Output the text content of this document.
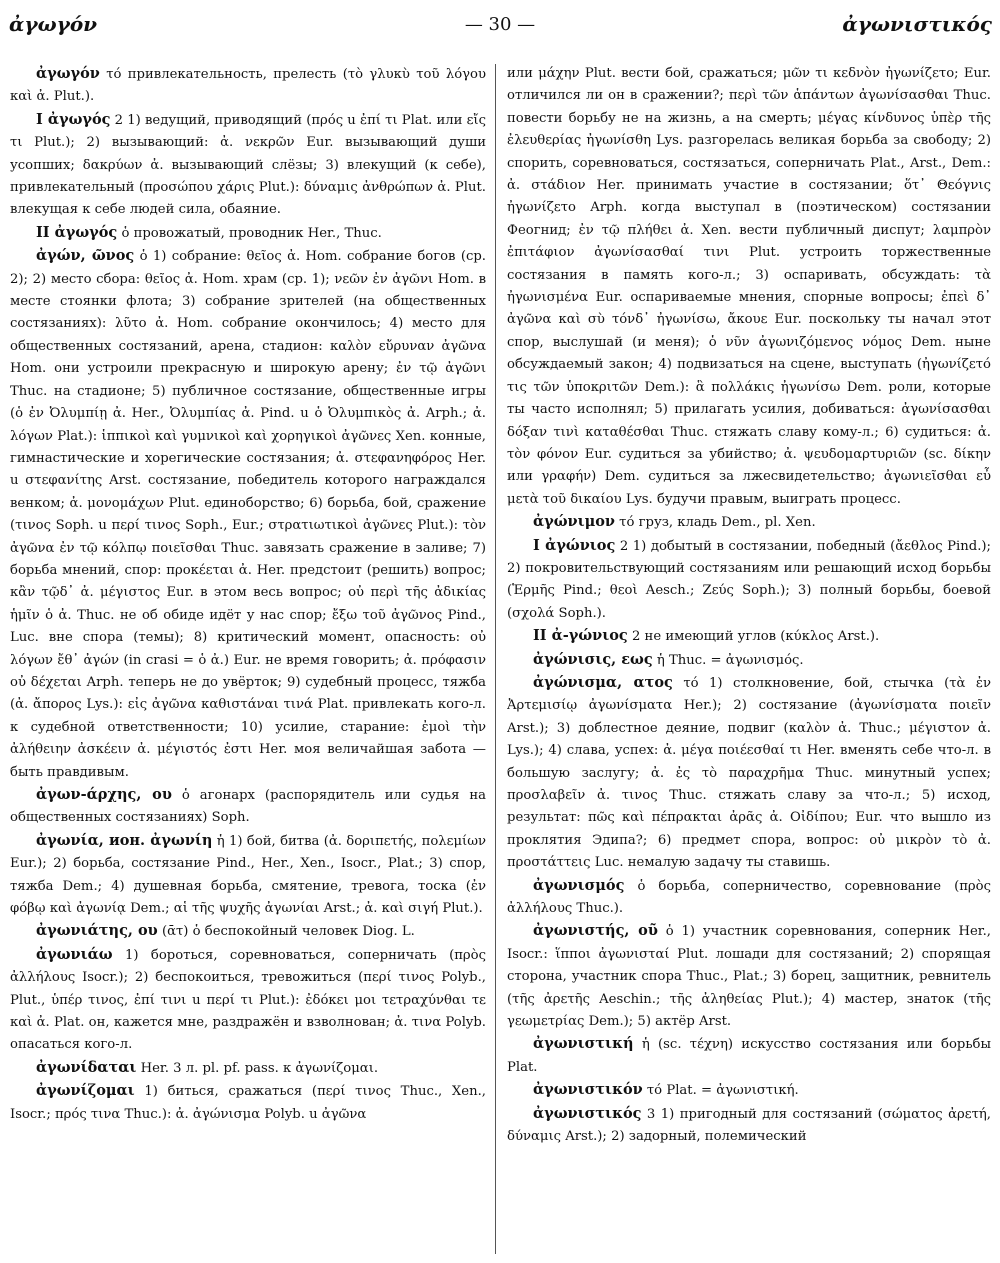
ἀγωγόν	— 30 —	ἀγωνιστικός

ἀγωγόν τό привлекательность, прелесть (τὸ γλυκὺ τοῦ λόγου καὶ ἀ. Plut.).

I ἀγωγός 2 1) ведущий, приводящий (πρός u ἐπί τι Plat. или εἴς τι Plut.); 2) вызывающий: ἀ. νεκρῶν Eur. вызывающий души усопших; δακρύων ἀ. вызывающий слёзы; 3) влекущий (к себе), привлекательный (προσώπου χάρις Plut.): δύναμις ἀνθρώπων ἀ. Plut. влекущая к себе людей сила, обаяние.

II ἀγωγός ὁ провожатый, проводник Her., Thuc.

ἀγών, ῶνος ὁ 1) собрание: θεῖος ἀ. Hom. собрание богов (ср. 2); 2) место сбора: θεῖος ἀ. Hom. храм (ср. 1); νεῶν ἐν ἀγῶνι Hom. в месте стоянки флота; 3) собрание зрителей (на общественных состязаниях): λῦτο ἀ. Hom. собрание окончилось; 4) место для общественных состязаний, арена, стадион: καλὸν εὔρυναν ἀγῶνα Hom. они устроили прекрасную и широкую арену; ἐν τῷ ἀγῶνι Thuc. на стадионе; 5) публичное состязание, общественные игры (ὁ ἐν Ὀλυμπίῃ ἀ. Her., Ὀλυμπίας ἀ. Pind. u ὁ Ὀλυμπικὸς ἀ. Arph.; ἀ. λόγων Plat.): ἱππικοὶ καὶ γυμνικοὶ καὶ χορηγικοὶ ἀγῶνες Xen. конные, гимнастические и хорегические состязания; ἀ. στεφανηφόρος Her. u στεφανίτης Arst. состязание, победитель которого награждался венком; ἀ. μονομάχων Plut. единоборство; 6) борьба, бой, сражение (τινος Soph. u περί τινος Soph., Eur.; στρατιωτικοὶ ἀγῶνες Plut.): τὸν ἀγῶνα ἐν τῷ κόλπῳ ποιεῖσθαι Thuc. завязать сражение в заливе; 7) борьба мнений, спор: προκέεται ἀ. Her. предстоит (решить) вопрос; κἂν τῷδ᾽ ἀ. μέγιστος Eur. в этом весь вопрос; οὐ περὶ τῆς ἀδικίας ἡμῖν ὁ ἀ. Thuc. не об обиде идёт у нас спор; ἔξω τοῦ ἀγῶνος Pind., Luc. вне спора (темы); 8) критический момент, опасность: οὐ λόγων ἔθ᾽ ἀγών (in crasi = ὁ ἀ.) Eur. не время говорить; ἀ. πρόφασιν οὐ δέχεται Arph. теперь не до увёрток; 9) судебный процесс, тяжба (ἀ. ἄπορος Lys.): εἰς ἀγῶνα καθιστάναι τινά Plat. привлекать кого-л. к судебной ответственности; 10) усилие, старание: ἐμοὶ τὴν ἀλήθειην ἀσκέειν ἀ. μέγιστός ἐστι Her. моя величайшая забота — быть правдивым.

ἀγων-άρχης, ου ὁ агонарх (распорядитель или судья на общественных состязаниях) Soph.

ἀγωνία, ион. ἀγωνίη ἡ 1) бой, битва (ἀ. δοριπετής, πολεμίων Eur.); 2) борьба, состязание Pind., Her., Xen., Isocr., Plat.; 3) спор, тяжба Dem.; 4) душевная борьба, смятение, тревога, тоска (ἐν φόβῳ καὶ ἀγωνίᾳ Dem.; αἱ τῆς ψυχῆς ἀγωνίαι Arst.; ἀ. καὶ σιγή Plut.).

ἀγωνιάτης, ου (ᾱτ) ὁ беспокойный человек Diog. L.

ἀγωνιάω 1) бороться, соревноваться, соперничать (πρὸς ἀλλήλους Isocr.); 2) беспокоиться, тревожиться (περί τινος Polyb., Plut., ὑπέρ τινος, ἐπί τινι u περί τι Plut.): ἐδόκει μοι τετραχύνθαι τε καὶ ἀ. Plat. он, кажется мне, раздражён и взволнован; ἀ. τινα Polyb. опасаться кого-л.

ἀγωνίδαται Her. 3 л. pl. pf. pass. к ἀγωνίζομαι.

ἀγωνίζομαι 1) биться, сражаться (περί τινος Thuc., Xen., Isocr.; πρός τινα Thuc.): ἀ. ἀγώνισμα Polyb. u ἀγῶνα

или μάχην Plut. вести бой, сражаться; μῶν τι κεδνὸν ἠγωνίζετο; Eur. отличился ли он в сражении?; περὶ τῶν ἁπάντων ἀγωνίσασθαι Thuc. повести борьбу не на жизнь, а на смерть; μέγας κίνδυνος ὑπὲρ τῆς ἐλευθερίας ἠγωνίσθη Lys. разгорелась великая борьба за свободу; 2) спорить, соревноваться, состязаться, соперничать Plat., Arst., Dem.: ἀ. στάδιον Her. принимать участие в состязании; ὅτ᾽ Θεόγνις ἠγωνίζετο Arph. когда выступал в (поэтическом) состязании Феогнид; ἐν τῷ πλήθει ἀ. Xen. вести публичный диспут; λαμπρὸν ἐπιτάφιον ἀγωνίσασθαί τινι Plut. устроить торжественные состязания в память кого-л.; 3) оспаривать, обсуждать: τὰ ἠγωνισμένα Eur. оспариваемые мнения, спорные вопросы; ἐπεὶ δ᾽ ἀγῶνα καὶ σὺ τόνδ᾽ ἠγωνίσω, ἄκουε Eur. поскольку ты начал этот спор, выслушай (и меня); ὁ νῦν ἀγωνιζόμενος νόμος Dem. ныне обсуждаемый закон; 4) подвизаться на сцене, выступать (ἠγωνίζετό τις τῶν ὑποκριτῶν Dem.): ἃ πολλάκις ἠγωνίσω Dem. роли, которые ты часто исполнял; 5) прилагать усилия, добиваться: ἀγωνίσασθαι δόξαν τινὶ καταθέσθαι Thuc. стяжать славу кому-л.; 6) судиться: ἀ. τὸν φόνον Eur. судиться за убийство; ἀ. ψευδομαρτυριῶν (sc. δίκην или γραφήν) Dem. судиться за лжесвидетельство; ἀγωνιεῖσθαι εὖ μετὰ τοῦ δικαίου Lys. будучи правым, выиграть процесс.

ἀγώνιμον τό груз, кладь Dem., pl. Xen.

I ἀγώνιος 2 1) добытый в состязании, победный (ἄεθλος Pind.); 2) покровительствующий состязаниям или решающий исход борьбы (Ἑρμῆς Pind.; θεοὶ Aesch.; Ζεύς Soph.); 3) полный борьбы, боевой (σχολά Soph.).

II ἀ-γώνιος 2 не имеющий углов (κύκλος Arst.).

ἀγώνισις, εως ἡ Thuc. = ἀγωνισμός.

ἀγώνισμα, ατος τό 1) столкновение, бой, стычка (τὰ ἐν Ἀρτεμισίῳ ἀγωνίσματα Her.); 2) состязание (ἀγωνίσματα ποιεῖν Arst.); 3) доблестное деяние, подвиг (καλὸν ἀ. Thuc.; μέγιστον ἀ. Lys.); 4) слава, успех: ἀ. μέγα ποιέεσθαί τι Her. вменять себе что-л. в большую заслугу; ἀ. ἐς τὸ παραχρῆμα Thuc. минутный успех; προσλαβεῖν ἀ. τινος Thuc. стяжать славу за что-л.; 5) исход, результат: πῶς καὶ πέπρακται ἀρᾶς ἀ. Οἰδίπου; Eur. что вышло из проклятия Эдипа?; 6) предмет спора, вопрос: οὐ μικρὸν τὸ ἀ. προστάττεις Luc. немалую задачу ты ставишь.

ἀγωνισμός ὁ борьба, соперничество, соревнование (πρὸς ἀλλήλους Thuc.).

ἀγωνιστής, οῦ ὁ 1) участник соревнования, соперник Her., Isocr.: ἵπποι ἀγωνισταί Plut. лошади для состязаний; 2) спорящая сторона, участник спора Thuc., Plat.; 3) борец, защитник, ревнитель (τῆς ἀρετῆς Aeschin.; τῆς ἀληθείας Plut.); 4) мастер, знаток (τῆς γεωμετρίας Dem.); 5) актёр Arst.

ἀγωνιστική ἡ (sc. τέχνη) искусство состязания или борьбы Plat.

ἀγωνιστικόν τό Plat. = ἀγωνιστική.

ἀγωνιστικός 3 1) пригодный для состязаний (σώματος ἀρετή, δύναμις Arst.); 2) задорный, полемический
